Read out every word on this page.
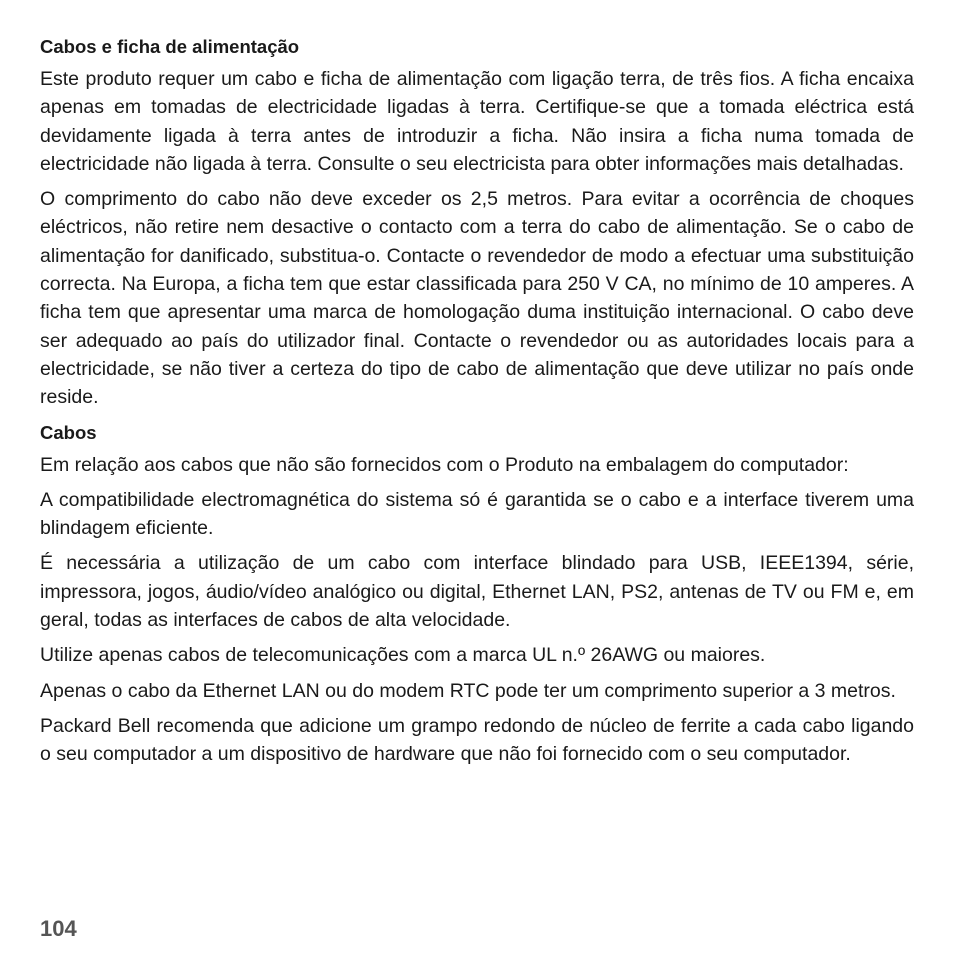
Cabos e ficha de alimentação

Este produto requer um cabo e ficha de alimentação com ligação terra, de três fios. A ficha encaixa apenas em tomadas de electricidade ligadas à terra. Certifique-se que a tomada eléctrica está devidamente ligada à terra antes de introduzir a ficha. Não insira a ficha numa tomada de electricidade não ligada à terra. Consulte o seu electricista para obter informações mais detalhadas.

O comprimento do cabo não deve exceder os 2,5 metros. Para evitar a ocorrência de choques eléctricos, não retire nem desactive o contacto com a terra do cabo de alimentação. Se o cabo de alimentação for danificado, substitua-o. Contacte o revendedor de modo a efectuar uma substituição correcta. Na Europa, a ficha tem que estar classificada para 250 V CA, no mínimo de 10 amperes. A ficha tem que apresentar uma marca de homologação duma instituição internacional. O cabo deve ser adequado ao país do utilizador final. Contacte o revendedor ou as autoridades locais para a electricidade, se não tiver a certeza do tipo de cabo de alimentação que deve utilizar no país onde reside.

Cabos

Em relação aos cabos que não são fornecidos com o Produto na embalagem do computador:

A compatibilidade electromagnética do sistema só é garantida se o cabo e a interface tiverem uma blindagem eficiente.

É necessária a utilização de um cabo com interface blindado para USB, IEEE1394, série, impressora, jogos, áudio/vídeo analógico ou digital, Ethernet LAN, PS2, antenas de TV ou FM e, em geral, todas as interfaces de cabos de alta velocidade.

Utilize apenas cabos de telecomunicações com a marca UL n.º 26AWG ou maiores.

Apenas o cabo da Ethernet LAN ou do modem RTC pode ter um comprimento superior a 3 metros.

Packard Bell recomenda que adicione um grampo redondo de núcleo de ferrite a cada cabo ligando o seu computador a um dispositivo de hardware que não foi fornecido com o seu computador.

104
